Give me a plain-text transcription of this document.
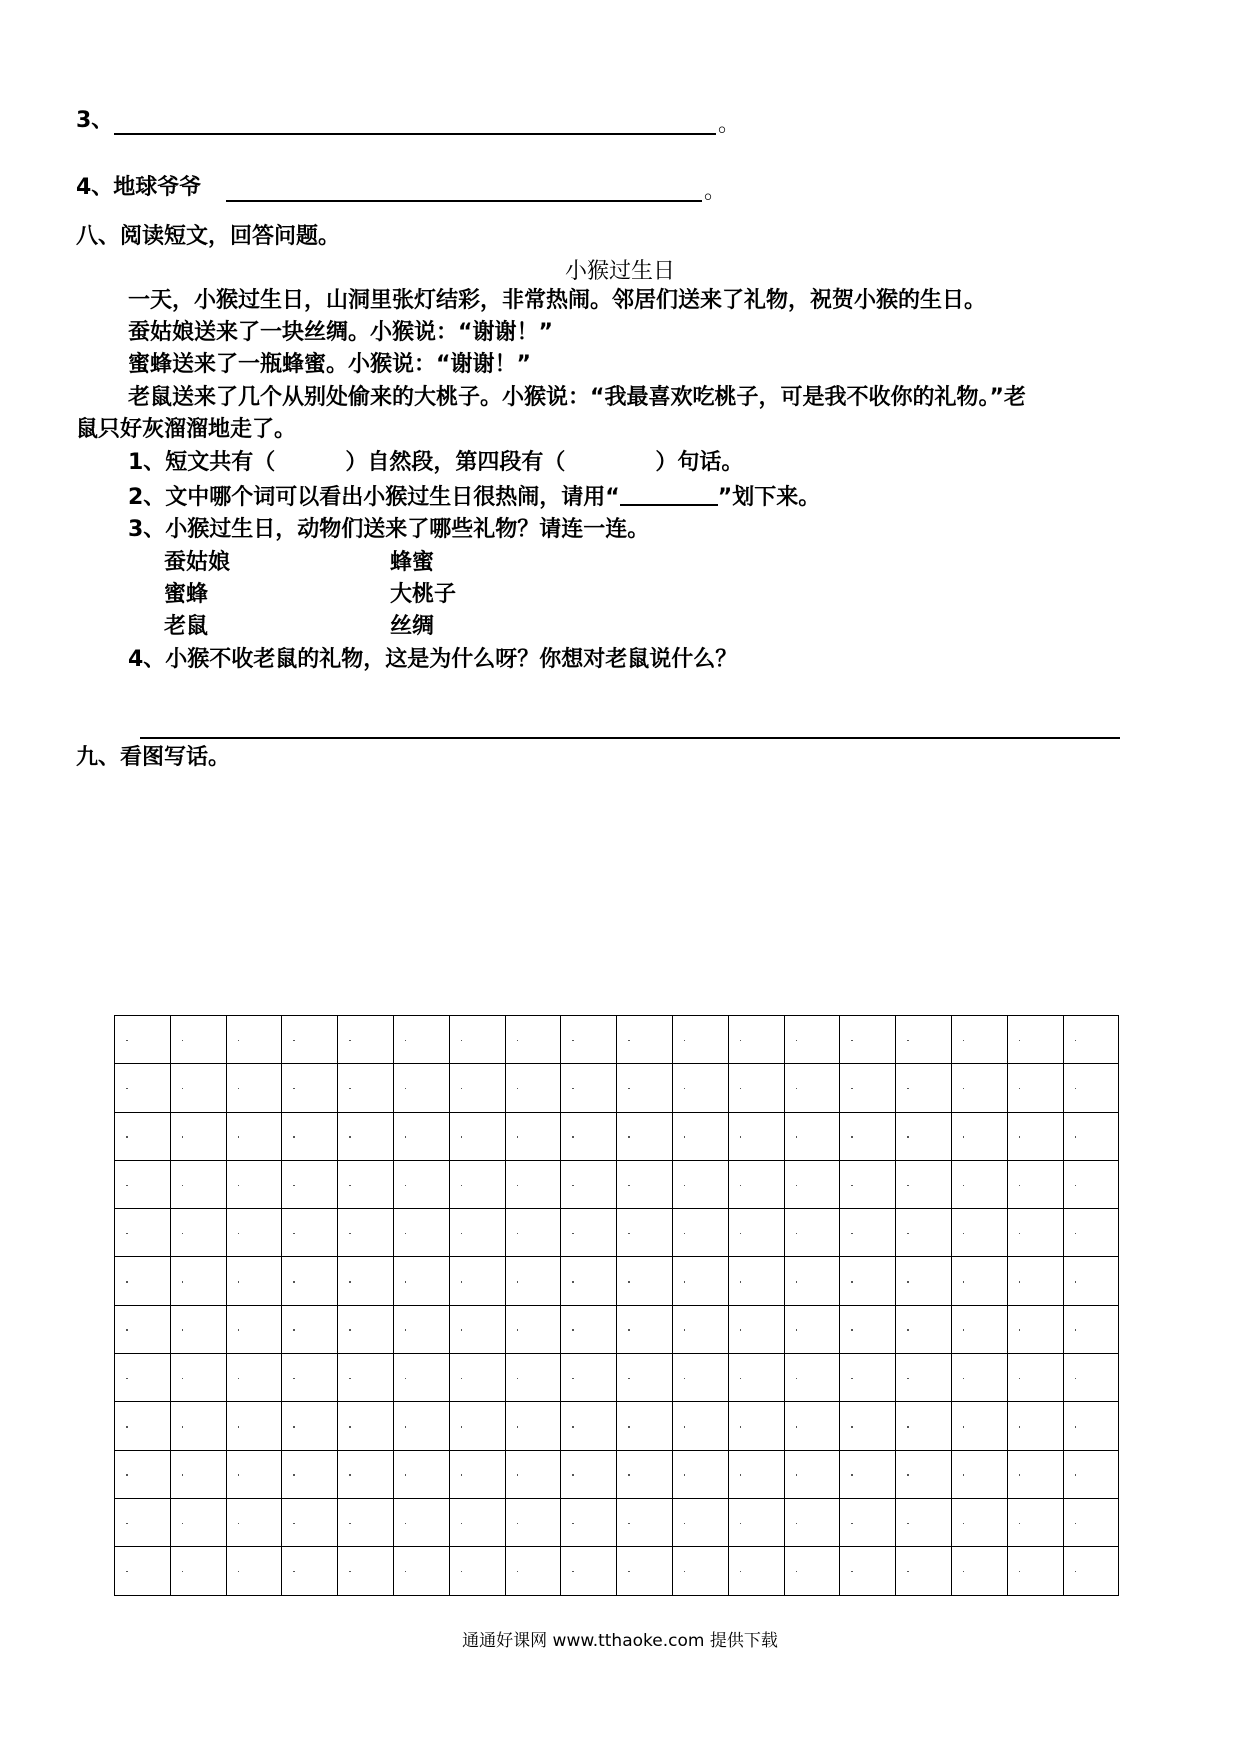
3、	。
4、地球爷爷	。
八、阅读短文，回答问题。
小猴过生日
一天，小猴过生日，山洞里张灯结彩，非常热闹。邻居们送来了礼物，祝贺小猴的生日。
蚕姑娘送来了一块丝绸。小猴说：“谢谢！”
蜜蜂送来了一瓶蜂蜜。小猴说：“谢谢！”
老鼠送来了几个从别处偷来的大桃子。小猴说：“我最喜欢吃桃子，可是我不收你的礼物。”老
鼠只好灰溜溜地走了。
1、短文共有（	）自然段，第四段有（	）句话。
2、文中哪个词可以看出小猴过生日很热闹，请用“	”划下来。
3、小猴过生日，动物们送来了哪些礼物？请连一连。
蚕姑娘	蜂蜜
蜜蜂	大桃子
老鼠	丝绸
4、小猴不收老鼠的礼物，这是为什么呀？你想对老鼠说什么？
九、看图写话。
通通好课网 www.tthaoke.com 提供下载
